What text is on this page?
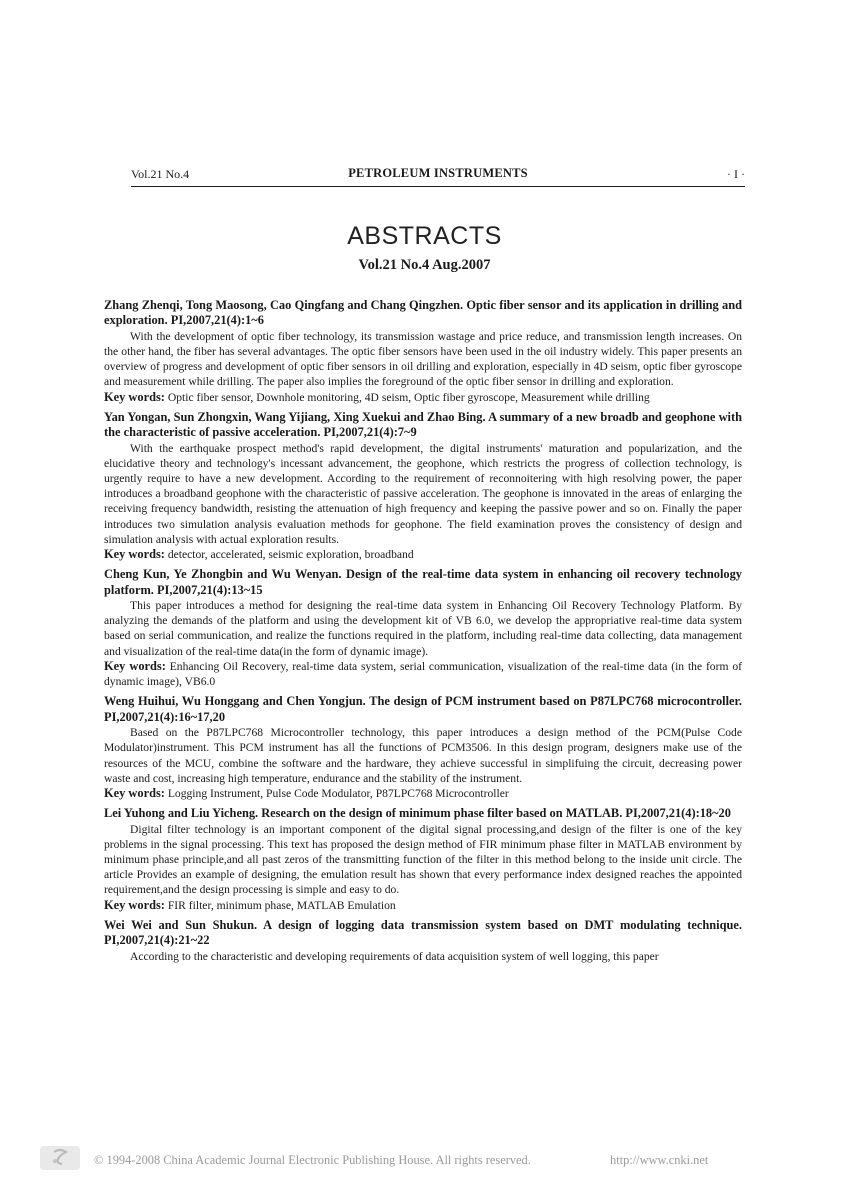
Vol.21 No.4	PETROLEUM INSTRUMENTS	· I ·
ABSTRACTS
Vol.21 No.4 Aug.2007
Zhang Zhenqi, Tong Maosong, Cao Qingfang and Chang Qingzhen. Optic fiber sensor and its application in drilling and exploration. PI,2007,21(4):1~6
With the development of optic fiber technology, its transmission wastage and price reduce, and transmission length increases. On the other hand, the fiber has several advantages. The optic fiber sensors have been used in the oil industry widely. This paper presents an overview of progress and development of optic fiber sensors in oil drilling and exploration, especially in 4D seism, optic fiber gyroscope and measurement while drilling. The paper also implies the foreground of the optic fiber sensor in drilling and exploration.
Key words: Optic fiber sensor, Downhole monitoring, 4D seism, Optic fiber gyroscope, Measurement while drilling
Yan Yongan, Sun Zhongxin, Wang Yijiang, Xing Xuekui and Zhao Bing. A summary of a new broadb and geophone with the characteristic of passive acceleration. PI,2007,21(4):7~9
With the earthquake prospect method's rapid development, the digital instruments' maturation and popularization, and the elucidative theory and technology's incessant advancement, the geophone, which restricts the progress of collection technology, is urgently require to have a new development. According to the requirement of reconnoitering with high resolving power, the paper introduces a broadband geophone with the characteristic of passive acceleration. The geophone is innovated in the areas of enlarging the receiving frequency bandwidth, resisting the attenuation of high frequency and keeping the passive power and so on. Finally the paper introduces two simulation analysis evaluation methods for geophone. The field examination proves the consistency of design and simulation analysis with actual exploration results.
Key words: detector, accelerated, seismic exploration, broadband
Cheng Kun, Ye Zhongbin and Wu Wenyan. Design of the real-time data system in enhancing oil recovery technology platform. PI,2007,21(4):13~15
This paper introduces a method for designing the real-time data system in Enhancing Oil Recovery Technology Platform. By analyzing the demands of the platform and using the development kit of VB 6.0, we develop the appropriative real-time data system based on serial communication, and realize the functions required in the platform, including real-time data collecting, data management and visualization of the real-time data(in the form of dynamic image).
Key words: Enhancing Oil Recovery, real-time data system, serial communication, visualization of the real-time data (in the form of dynamic image), VB6.0
Weng Huihui, Wu Honggang and Chen Yongjun. The design of PCM instrument based on P87LPC768 microcontroller. PI,2007,21(4):16~17,20
Based on the P87LPC768 Microcontroller technology, this paper introduces a design method of the PCM(Pulse Code Modulator)instrument. This PCM instrument has all the functions of PCM3506. In this design program, designers make use of the resources of the MCU, combine the software and the hardware, they achieve successful in simplifuing the circuit, decreasing power waste and cost, increasing high temperature, endurance and the stability of the instrument.
Key words: Logging Instrument, Pulse Code Modulator, P87LPC768 Microcontroller
Lei Yuhong and Liu Yicheng. Research on the design of minimum phase filter based on MATLAB. PI,2007,21(4):18~20
Digital filter technology is an important component of the digital signal processing,and design of the filter is one of the key problems in the signal processing. This text has proposed the design method of FIR minimum phase filter in MATLAB environment by minimum phase principle,and all past zeros of the transmitting function of the filter in this method belong to the inside unit circle. The article Provides an example of designing, the emulation result has shown that every performance index designed reaches the appointed requirement,and the design processing is simple and easy to do.
Key words: FIR filter, minimum phase, MATLAB Emulation
Wei Wei and Sun Shukun. A design of logging data transmission system based on DMT modulating technique. PI,2007,21(4):21~22
According to the characteristic and developing requirements of data acquisition system of well logging, this paper
© 1994-2008 China Academic Journal Electronic Publishing House. All rights reserved.	http://www.cnki.net
